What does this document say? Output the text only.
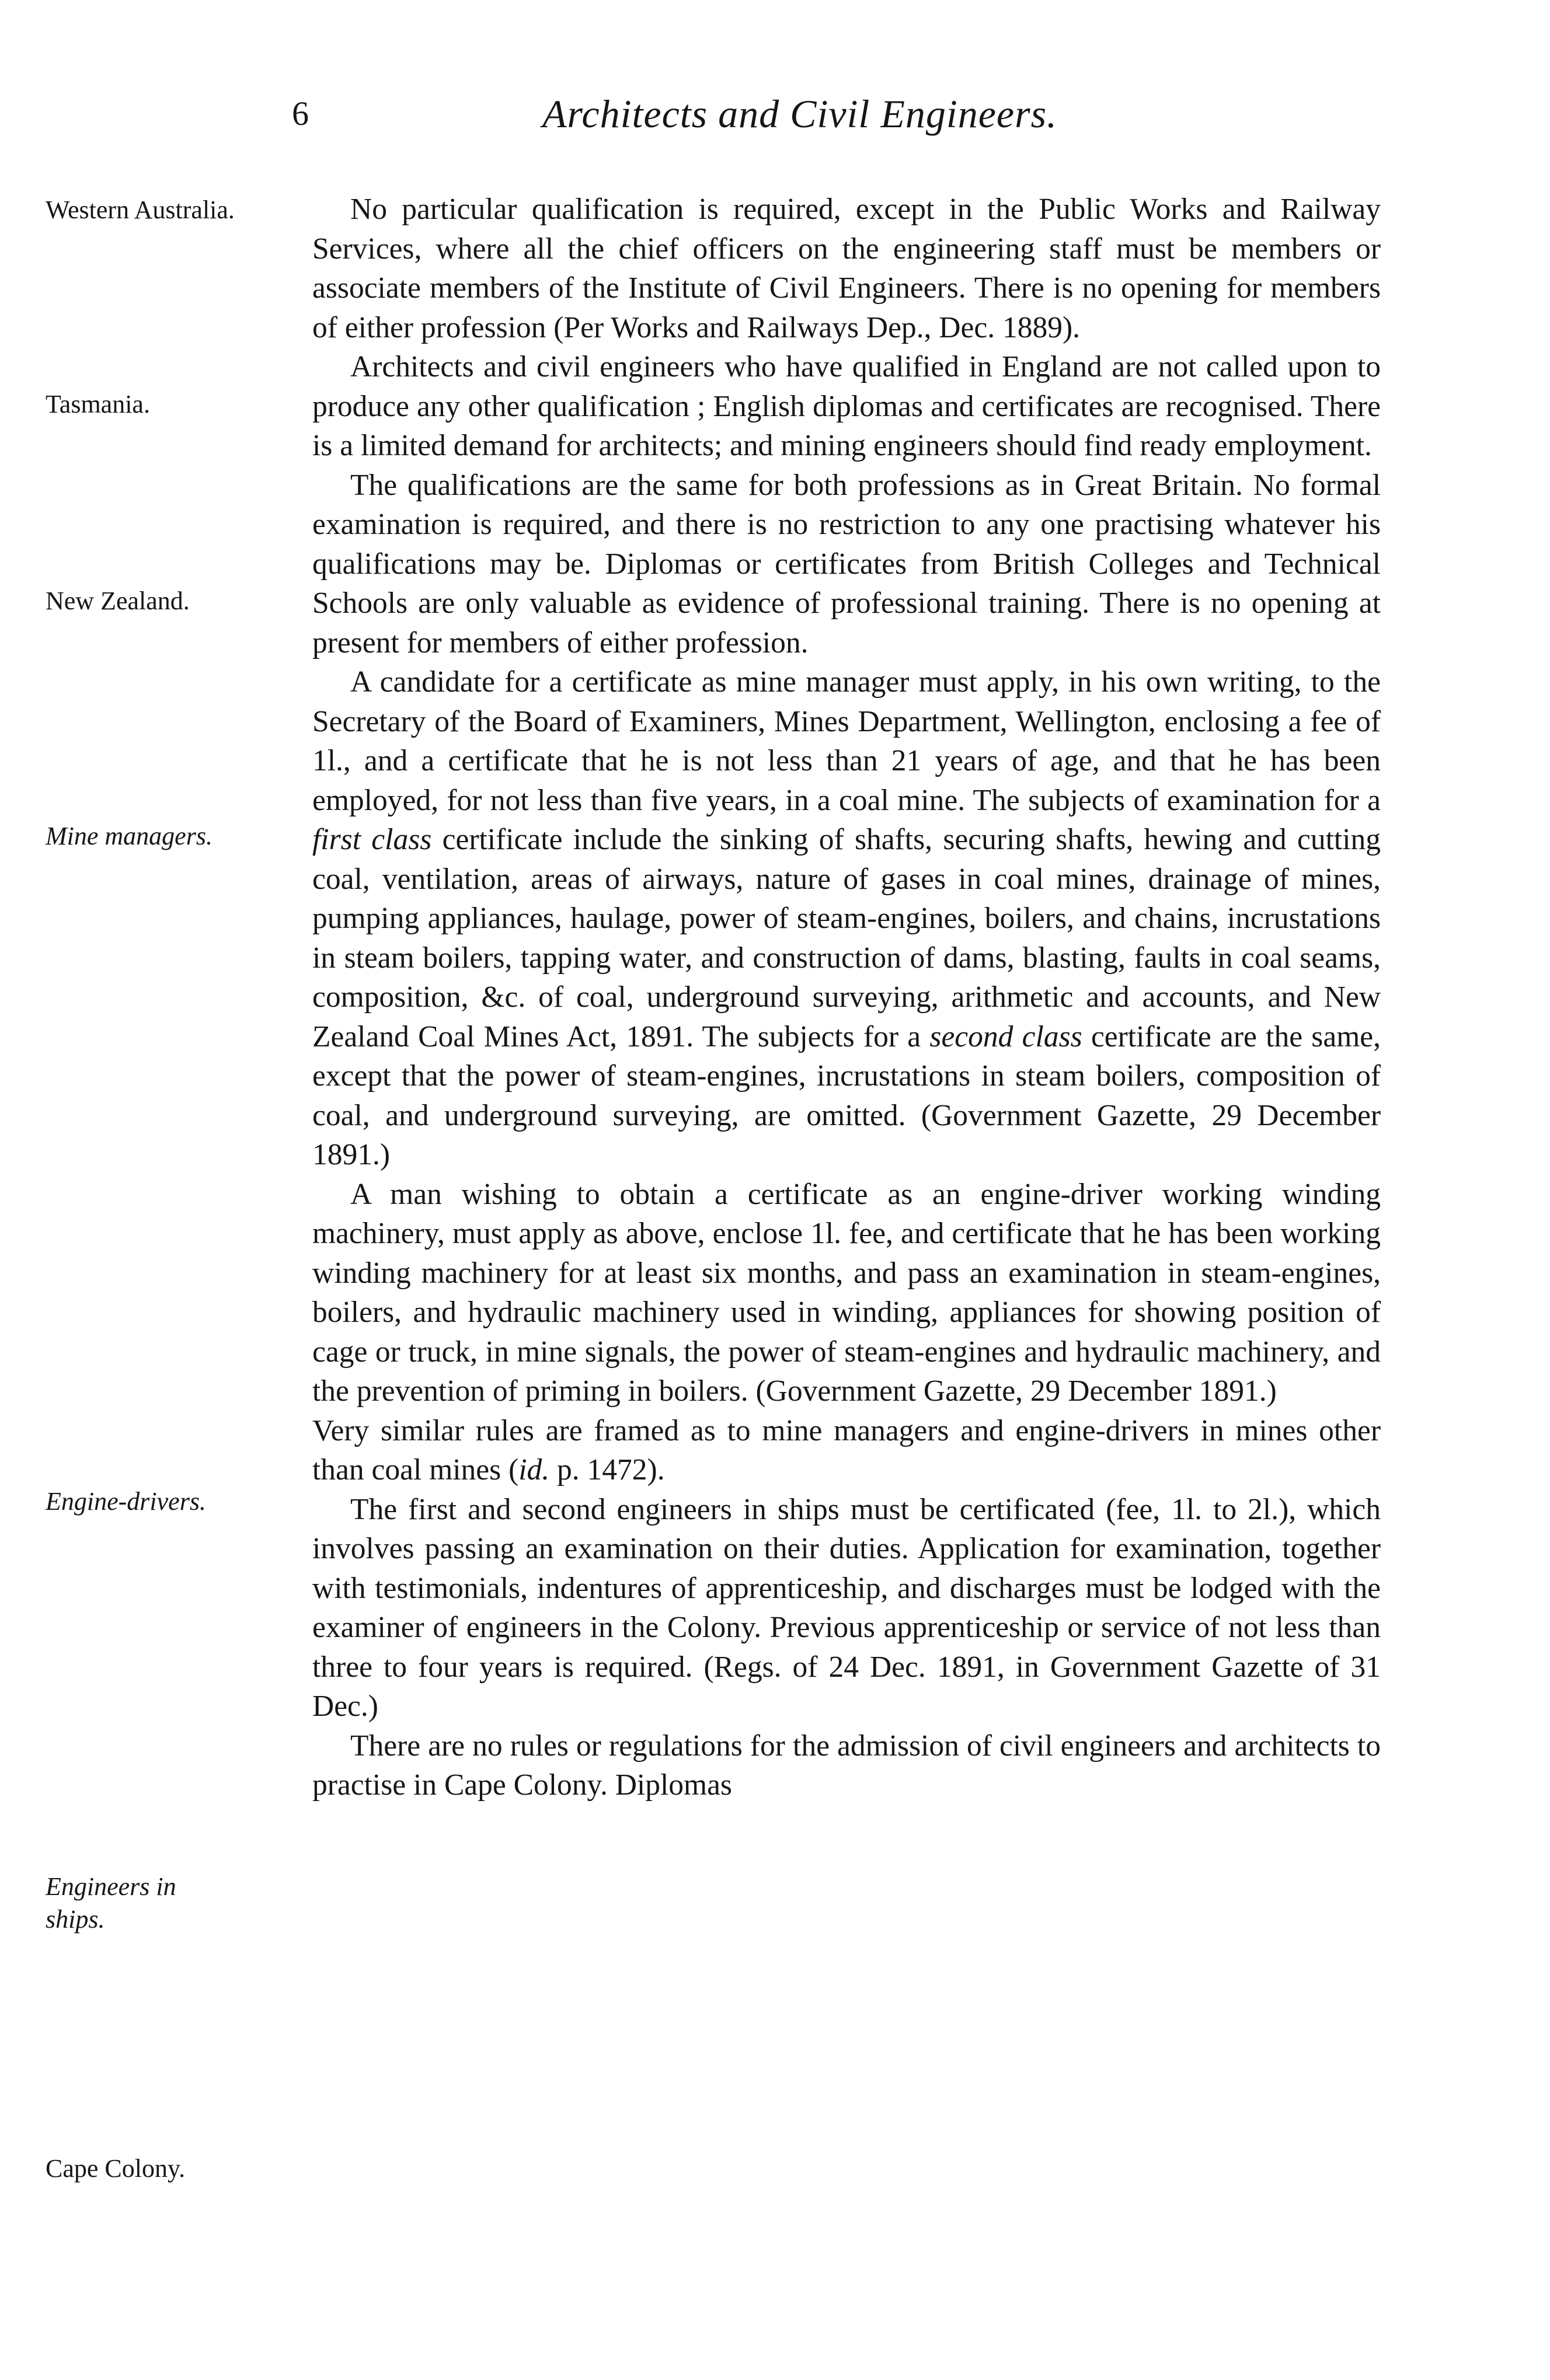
6	Architects and Civil Engineers.
Western Australia.
Tasmania.
New Zealand.
Mine managers.
Engine-drivers.
Engineers in ships.
Cape Colony.

No particular qualification is required, except in the Public Works and Railway Services, where all the chief officers on the engineering staff must be members or associate members of the Institute of Civil Engineers. There is no opening for members of either profession (Per Works and Railways Dep., Dec. 1889).

Architects and civil engineers who have qualified in England are not called upon to produce any other qualification ; English diplomas and certificates are recognised. There is a limited demand for architects; and mining engineers should find ready employment.

The qualifications are the same for both professions as in Great Britain. No formal examination is required, and there is no restriction to any one practising whatever his qualifications may be. Diplomas or certificates from British Colleges and Technical Schools are only valuable as evidence of professional training. There is no opening at present for members of either profession.

A candidate for a certificate as mine manager must apply, in his own writing, to the Secretary of the Board of Examiners, Mines Department, Wellington, enclosing a fee of 1l., and a certificate that he is not less than 21 years of age, and that he has been employed, for not less than five years, in a coal mine. The subjects of examination for a first class certificate include the sinking of shafts, securing shafts, hewing and cutting coal, ventilation, areas of airways, nature of gases in coal mines, drainage of mines, pumping appliances, haulage, power of steam-engines, boilers, and chains, incrustations in steam boilers, tapping water, and construction of dams, blasting, faults in coal seams, composition, &c. of coal, underground surveying, arithmetic and accounts, and New Zealand Coal Mines Act, 1891. The subjects for a second class certificate are the same, except that the power of steam-engines, incrustations in steam boilers, composition of coal, and underground surveying, are omitted. (Government Gazette, 29 December 1891.)

A man wishing to obtain a certificate as an engine-driver working winding machinery, must apply as above, enclose 1l. fee, and certificate that he has been working winding machinery for at least six months, and pass an examination in steam-engines, boilers, and hydraulic machinery used in winding, appliances for showing position of cage or truck, in mine signals, the power of steam-engines and hydraulic machinery, and the prevention of priming in boilers. (Government Gazette, 29 December 1891.)

Very similar rules are framed as to mine managers and engine-drivers in mines other than coal mines (id. p. 1472).

The first and second engineers in ships must be certificated (fee, 1l. to 2l.), which involves passing an examination on their duties. Application for examination, together with testimonials, indentures of apprenticeship, and discharges must be lodged with the examiner of engineers in the Colony. Previous apprenticeship or service of not less than three to four years is required. (Regs. of 24 Dec. 1891, in Government Gazette of 31 Dec.)

There are no rules or regulations for the admission of civil engineers and architects to practise in Cape Colony. Diplomas
